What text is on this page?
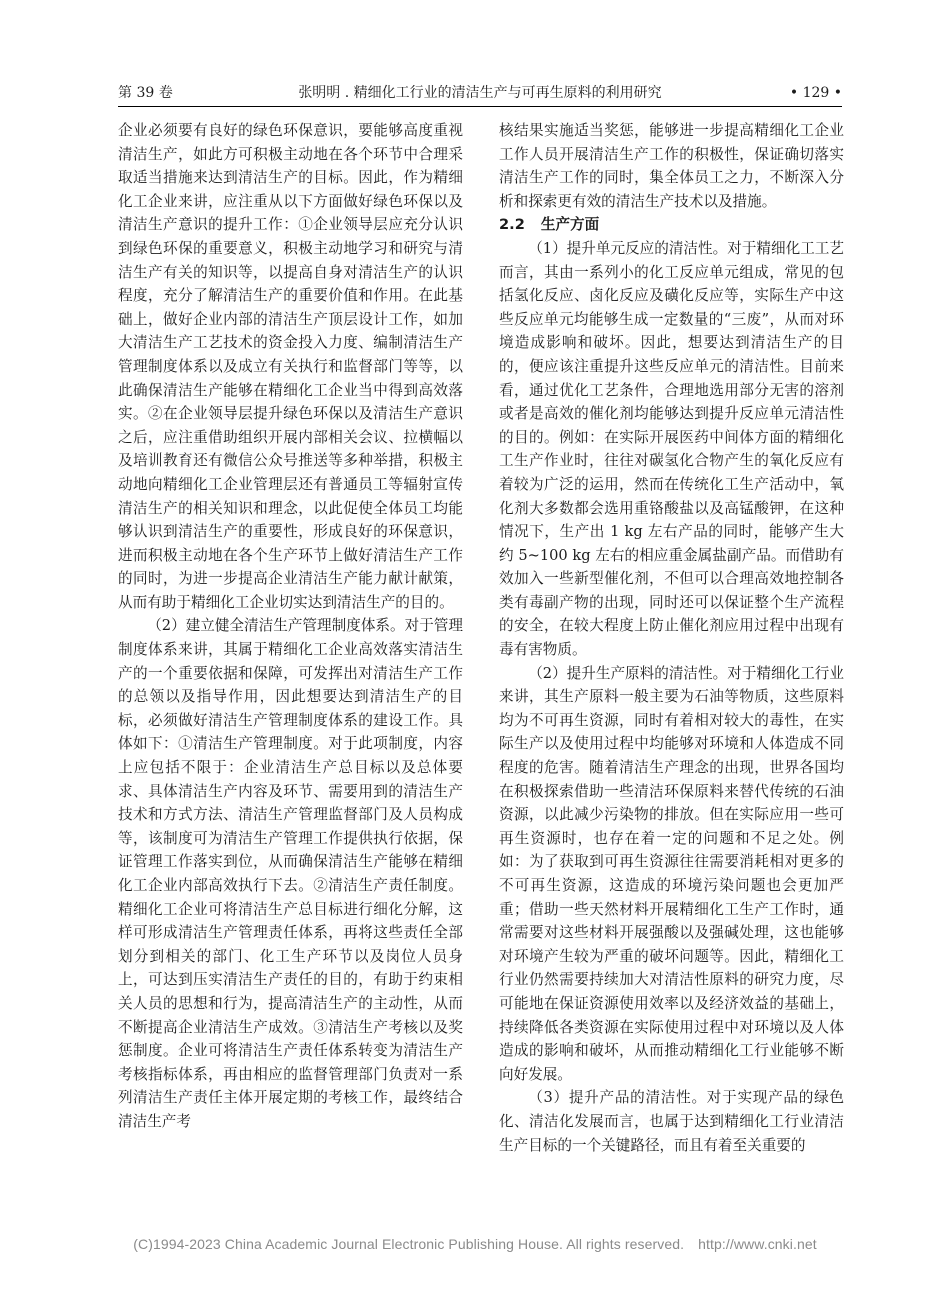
第 39 卷	张明明 . 精细化工行业的清洁生产与可再生原料的利用研究	• 129 •

企业必须要有良好的绿色环保意识，要能够高度重视清洁生产，如此方可积极主动地在各个环节中合理采取适当措施来达到清洁生产的目标。因此，作为精细化工企业来讲，应注重从以下方面做好绿色环保以及清洁生产意识的提升工作：①企业领导层应充分认识到绿色环保的重要意义，积极主动地学习和研究与清洁生产有关的知识等，以提高自身对清洁生产的认识程度，充分了解清洁生产的重要价值和作用。在此基础上，做好企业内部的清洁生产顶层设计工作，如加大清洁生产工艺技术的资金投入力度、编制清洁生产管理制度体系以及成立有关执行和监督部门等等，以此确保清洁生产能够在精细化工企业当中得到高效落实。②在企业领导层提升绿色环保以及清洁生产意识之后，应注重借助组织开展内部相关会议、拉横幅以及培训教育还有微信公众号推送等多种举措，积极主动地向精细化工企业管理层还有普通员工等辐射宣传清洁生产的相关知识和理念，以此促使全体员工均能够认识到清洁生产的重要性，形成良好的环保意识，进而积极主动地在各个生产环节上做好清洁生产工作的同时，为进一步提高企业清洁生产能力献计献策，从而有助于精细化工企业切实达到清洁生产的目的。

（2）建立健全清洁生产管理制度体系。对于管理制度体系来讲，其属于精细化工企业高效落实清洁生产的一个重要依据和保障，可发挥出对清洁生产工作的总领以及指导作用，因此想要达到清洁生产的目标，必须做好清洁生产管理制度体系的建设工作。具体如下：①清洁生产管理制度。对于此项制度，内容上应包括不限于：企业清洁生产总目标以及总体要求、具体清洁生产内容及环节、需要用到的清洁生产技术和方式方法、清洁生产管理监督部门及人员构成等，该制度可为清洁生产管理工作提供执行依据，保证管理工作落实到位，从而确保清洁生产能够在精细化工企业内部高效执行下去。②清洁生产责任制度。精细化工企业可将清洁生产总目标进行细化分解，这样可形成清洁生产管理责任体系，再将这些责任全部划分到相关的部门、化工生产环节以及岗位人员身上，可达到压实清洁生产责任的目的，有助于约束相关人员的思想和行为，提高清洁生产的主动性，从而不断提高企业清洁生产成效。③清洁生产考核以及奖惩制度。企业可将清洁生产责任体系转变为清洁生产考核指标体系，再由相应的监督管理部门负责对一系列清洁生产责任主体开展定期的考核工作，最终结合清洁生产考

核结果实施适当奖惩，能够进一步提高精细化工企业工作人员开展清洁生产工作的积极性，保证确切落实清洁生产工作的同时，集全体员工之力，不断深入分析和探索更有效的清洁生产技术以及措施。

2.2 生产方面

（1）提升单元反应的清洁性。对于精细化工工艺而言，其由一系列小的化工反应单元组成，常见的包括氢化反应、卤化反应及磺化反应等，实际生产中这些反应单元均能够生成一定数量的“三废”，从而对环境造成影响和破坏。因此，想要达到清洁生产的目的，便应该注重提升这些反应单元的清洁性。目前来看，通过优化工艺条件，合理地选用部分无害的溶剂或者是高效的催化剂均能够达到提升反应单元清洁性的目的。例如：在实际开展医药中间体方面的精细化工生产作业时，往往对碳氢化合物产生的氧化反应有着较为广泛的运用，然而在传统化工生产活动中，氧化剂大多数都会选用重铬酸盐以及高锰酸钾，在这种情况下，生产出 1 kg 左右产品的同时，能够产生大约 5~100 kg 左右的相应重金属盐副产品。而借助有效加入一些新型催化剂，不但可以合理高效地控制各类有毒副产物的出现，同时还可以保证整个生产流程的安全，在较大程度上防止催化剂应用过程中出现有毒有害物质。

（2）提升生产原料的清洁性。对于精细化工行业来讲，其生产原料一般主要为石油等物质，这些原料均为不可再生资源，同时有着相对较大的毒性，在实际生产以及使用过程中均能够对环境和人体造成不同程度的危害。随着清洁生产理念的出现，世界各国均在积极探索借助一些清洁环保原料来替代传统的石油资源，以此减少污染物的排放。但在实际应用一些可再生资源时，也存在着一定的问题和不足之处。例如：为了获取到可再生资源往往需要消耗相对更多的不可再生资源，这造成的环境污染问题也会更加严重；借助一些天然材料开展精细化工生产工作时，通常需要对这些材料开展强酸以及强碱处理，这也能够对环境产生较为严重的破坏问题等。因此，精细化工行业仍然需要持续加大对清洁性原料的研究力度，尽可能地在保证资源使用效率以及经济效益的基础上，持续降低各类资源在实际使用过程中对环境以及人体造成的影响和破坏，从而推动精细化工行业能够不断向好发展。

（3）提升产品的清洁性。对于实现产品的绿色化、清洁化发展而言，也属于达到精细化工行业清洁生产目标的一个关键路径，而且有着至关重要的

(C)1994-2023 China Academic Journal Electronic Publishing House. All rights reserved. http://www.cnki.net
